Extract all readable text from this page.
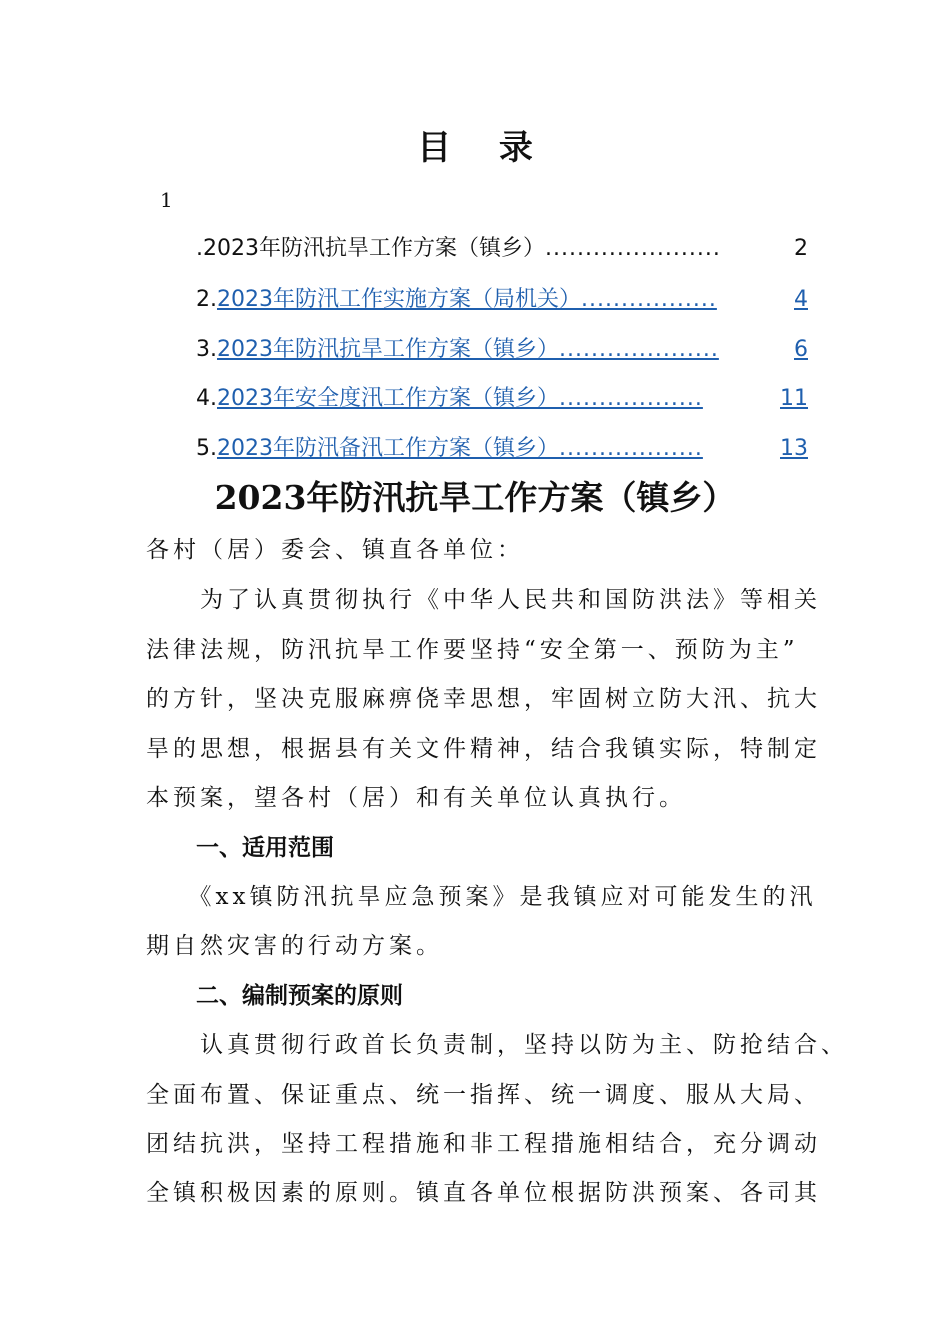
目 录
1
.2023年防汛抗旱工作方案（镇乡） ......................	2
2. 2023年防汛工作实施方案（局机关） .................	4
3. 2023年防汛抗旱工作方案（镇乡） ....................	6
4. 2023年安全度汛工作方案（镇乡） ..................	11
5. 2023年防汛备汛工作方案（镇乡） ..................	13
2023年防汛抗旱工作方案（镇乡）
各村（居）委会、镇直各单位：
　　为了认真贯彻执行《中华人民共和国防洪法》等相关
法律法规，防汛抗旱工作要坚持“安全第一、预防为主”
的方针，坚决克服麻痹侥幸思想，牢固树立防大汛、抗大
旱的思想，根据县有关文件精神，结合我镇实际，特制定
本预案，望各村（居）和有关单位认真执行。
一、适用范围
　　《xx镇防汛抗旱应急预案》是我镇应对可能发生的汛
期自然灾害的行动方案。
二、编制预案的原则
　　认真贯彻行政首长负责制，坚持以防为主、防抢结合、
全面布置、保证重点、统一指挥、统一调度、服从大局、
团结抗洪，坚持工程措施和非工程措施相结合，充分调动
全镇积极因素的原则。镇直各单位根据防洪预案、各司其
